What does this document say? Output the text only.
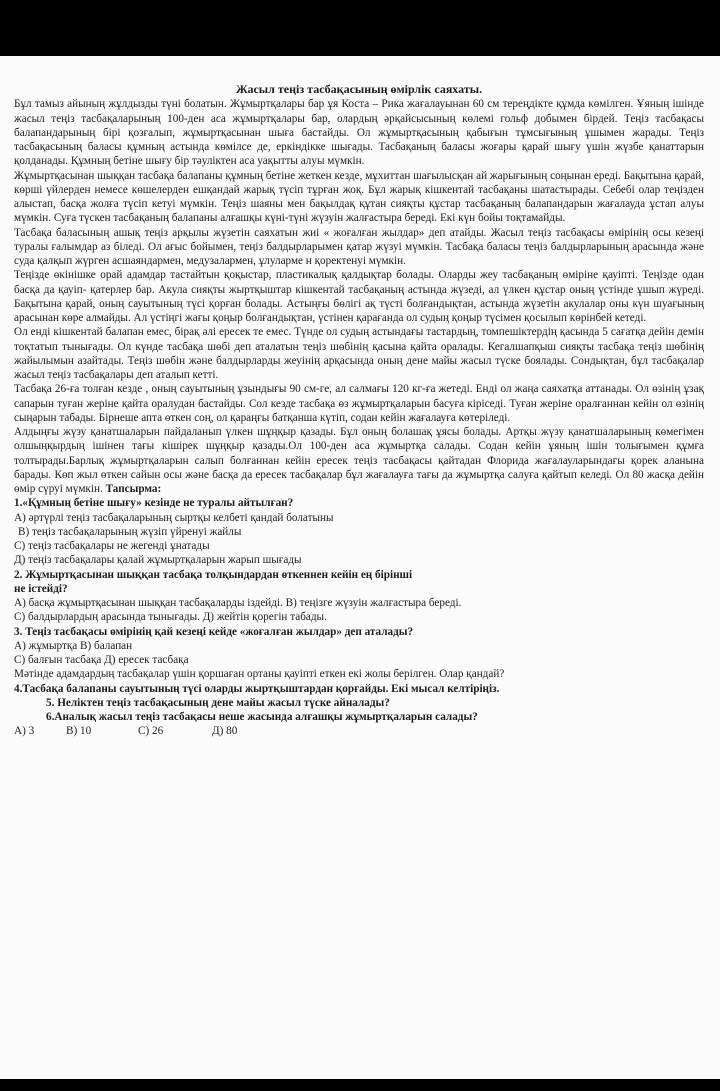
Жасыл теңіз тасбақасының өмірлік саяхаты.

Бұл тамыз айының жұлдызды түні болатын. Жұмыртқалары бар ұя Коста – Рика жағалауынан 60 см тереңдікте құмда көмілген. Ұяның ішінде жасыл теңіз тасбақаларының 100-ден аса жұмыртқалары бар, олардың әрқайсысының көлемі гольф добымен бірдей. Теңіз тасбақасы балапандарының бірі қозғалып, жұмыртқасынан шыға бастайды. Ол жұмыртқасының қабығын тұмсығының ұшымен жарады. Теңіз тасбақасының баласы құмның астында көмілсе де, еркіндікке шығады. Тасбақаның баласы жоғары қарай шығу үшін жүзбе қанаттарын қолданады. Құмның бетіне шығу бір тәуліктен аса уақытты алуы мүмкін.

Жұмыртқасынан шыққан тасбақа балапаны құмның бетіне жеткен кезде, мұхиттан шағылысқан ай жарығының соңынан ереді. Бақытына қарай, көрші үйлерден немесе көшелерден ешқандай жарық түсіп тұрған жоқ. Бұл жарық кішкентай тасбақаны шатастырады. Себебі олар теңізден алыстап, басқа жолға түсіп кетуі мүмкін. Теңіз шаяны мен бақылдақ құтан сияқты құстар тасбақаның балапандарын жағалауда ұстап алуы мүмкін. Суға түскен тасбақаның балапаны алғашқы күні-түні жүзуін жалғастыра береді. Екі күн бойы тоқтамайды.

Тасбақа баласының ашық теңіз арқылы жүзетін саяхатын жиі « жоғалған жылдар» деп атайды. Жасыл теңіз тасбақасы өмірінің осы кезеңі туралы ғалымдар аз біледі. Ол ағыс бойымен, теңіз балдырларымен қатар жүзуі мүмкін. Тасбақа баласы теңіз балдырларының арасында және суда қалқып жүрген асшаяндармен, медузалармен, ұлуларме н қоректенуі мүмкін.

Теңізде өкінішке орай адамдар тастайтын қоқыстар, пластикалық қалдықтар болады. Оларды жеу тасбақаның өміріне қауіпті. Теңізде одан басқа да қауіп- қатерлер бар. Акула сияқты жыртқыштар кішкентай тасбақаның астында жүзеді, ал үлкен құстар оның үстінде ұшып жүреді. Бақытына қарай, оның сауытының түсі қорған болады. Астыңғы бөлігі ақ түсті болғандықтан, астында жүзетін акулалар оны күн шуағының арасынан көре алмайды. Ал үстіңгі жағы қоңыр болғандықтан, үстінен қарағанда ол судың қоңыр түсімен қосылып көрінбей кетеді.

Ол енді кішкентай балапан емес, бірақ әлі ересек те емес. Түнде ол судың астындағы тастардың, томпешіктердің қасында 5 сағатқа дейін демін тоқтатып тынығады. Ол күнде тасбақа шөбі деп аталатын теңіз шөбінің қасына қайта оралады. Кегалшапқыш сияқты тасбақа теңіз шөбінің жайылымын азайтады. Теңіз шөбін және балдырларды жеуінің арқасында оның дене майы жасыл түске боялады. Сондықтан, бұл тасбақалар жасыл теңіз тасбақалары деп аталып кетті.

Тасбақа 26-ға толған кезде , оның сауытының ұзындығы 90 см-ге, ал салмағы 120 кг-ға жетеді. Енді ол жаңа саяхатқа аттанады. Ол өзінің ұзақ сапарын туған жеріне қайта оралудан бастайды. Сол кезде тасбақа өз жұмыртқаларын басуға кіріседі. Туған жеріне оралғаннан кейін ол өзінің сыңарын табады. Бірнеше апта өткен соң, ол қараңғы батқанша күтіп, содан кейін жағалауға көтеріледі.

Алдыңғы жүзу қанатшаларын пайдаланып үлкен шұңқыр қазады. Бұл оның болашақ ұясы болады. Артқы жүзу қанатшаларының көмегімен олшыңқырдың ішінен тағы кішірек шұңқыр қазады.Ол 100-ден аса жұмыртқа салады. Содан кейін ұяның ішін толығымен құмға толтырады.Барлық жұмыртқаларын салып болғаннан кейін ересек теңіз тасбақасы қайтадан Флорида жағалауларындағы қорек аланына барады. Көп жыл өткен сайын осы және басқа да ересек тасбақалар бұл жағалауға тағы да жұмыртқа салуға қайтып келеді. Ол 80 жасқа дейін өмір сүруі мүмкін. Тапсырма:

1.«Құмның бетіне шығу» кезінде не туралы айтылған?

А) әртүрлі теңіз тасбақаларының сыртқы келбеті қандай болатыны

В) теңіз тасбақаларының жүзіп үйренуі жайлы

С) теңіз тасбақалары не жегенді ұнатады

Д) теңіз тасбақалары қалай жұмыртқаларын жарып шығады

2. Жұмыртқасынан шыққан тасбақа толқындардан өткеннен кейін ең біріншi

не істейді?

А) басқа жұмыртқасынан шыққан тасбақаларды іздейді. В) теңізге жүзуін жалғастыра береді.

С) балдырлардың арасында тынығады. Д) жейтін қорегін табады.

3. Теңіз тасбақасы өмірінің қай кезеңі кейде «жоғалған жылдар» деп аталады?

А) жұмыртқа В) балапан

С) балғын тасбақа Д) ересек тасбақа

Мәтінде адамдардың тасбақалар үшін қоршаған ортаны қауіпті еткен екі жолы берілген. Олар қандай?

4.Тасбақа балапаны сауытының түсі оларды жыртқыштардан қорғайды. Екі мысал келтіріңіз.

5. Нелiктен теңiз тасбақасының дене майы жасыл түске айналады?

6.Аналық жасыл теңіз тасбақасы неше жасында алғашқы жұмыртқаларын салады?

А) 3	В) 10	С) 26	Д) 80
